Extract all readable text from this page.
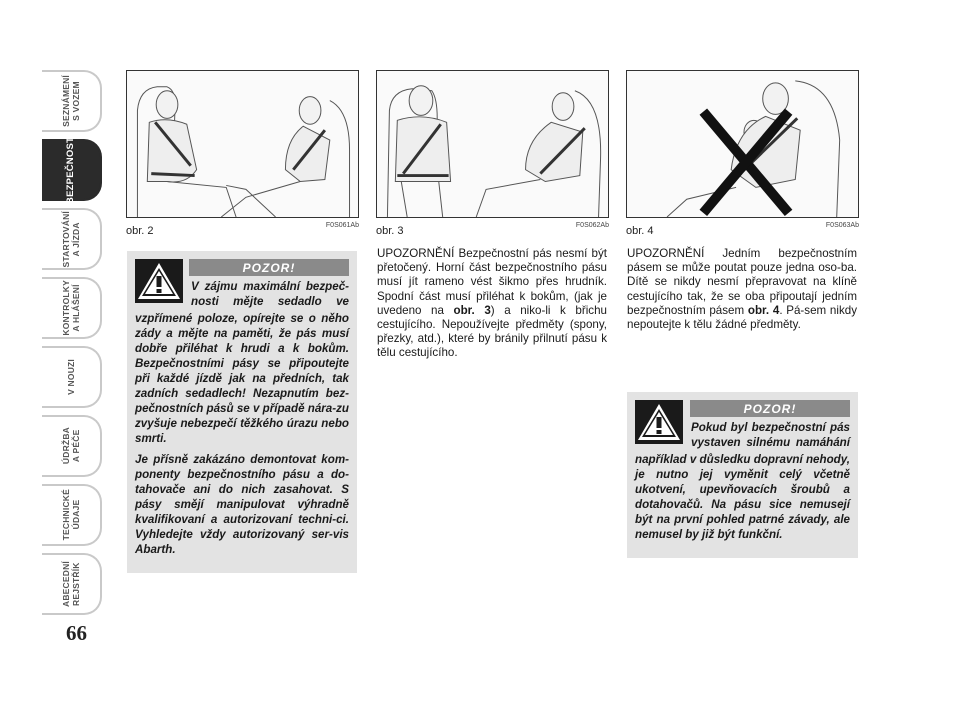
SEZNÁMENÍ
S VOZEM
BEZPEČNOST
STARTOVÁNÍ
A JÍZDA
KONTROLKY
A HLÁŠENÍ
V NOUZI
ÚDRŽBA
A PÉČE
TECHNICKÉ
ÚDAJE
ABECEDNÍ
REJSTŘÍK
66
obr. 2	F0S061Ab obr. 3	F0S062Ab obr. 4	F0S063Ab
POZOR!
V zájmu maximální bezpeč-
nosti mějte sedadlo ve

vzpřímené poloze, opírejte se o něho zády a mějte na paměti, že pás musí dobře přiléhat k hrudi a k bokům. Bezpečnostními pásy se připoutejte při každé jízdě jak na předních, tak zadních sedadlech! Nezapnutím bez-pečnostních pásů se v případě nára-zu zvyšuje nebezpečí těžkého úrazu nebo smrti.

Je přísně zakázáno demontovat kom-ponenty bezpečnostního pásu a do-tahovače ani do nich zasahovat. S pásy smějí manipulovat výhradně kvalifikovaní a autorizovaní techni-ci. Vyhledejte vždy autorizovaný ser-vis Abarth.

UPOZORNĚNÍ Bezpečnostní pás nesmí být přetočený. Horní část bezpečnostního pásu musí jít rameno vést šikmo přes hrudník. Spodní část musí přiléhat k bokům, (jak je uvedeno na obr. 3) a niko-li k břichu cestujícího. Nepoužívejte předměty (spony, přezky, atd.), které by bránily přilnutí pásu k tělu cestujícího.
UPOZORNĚNÍ Jedním bezpečnostním pásem se může poutat pouze jedna oso-ba. Dítě se nikdy nesmí přepravovat na klíně cestujícího tak, že se oba připoutají jedním bezpečnostním pásem obr. 4. Pá-sem nikdy nepoutejte k tělu žádné předměty.
POZOR!
Pokud byl bezpečnostní pás
vystaven silnému namáhání

například v důsledku dopravní nehody, je nutno jej vyměnit celý včetně ukotvení, upevňovacích šroubů a dotahovačů. Na pásu sice nemusejí být na první pohled patrné závady, ale nemusel by již být funkční.
